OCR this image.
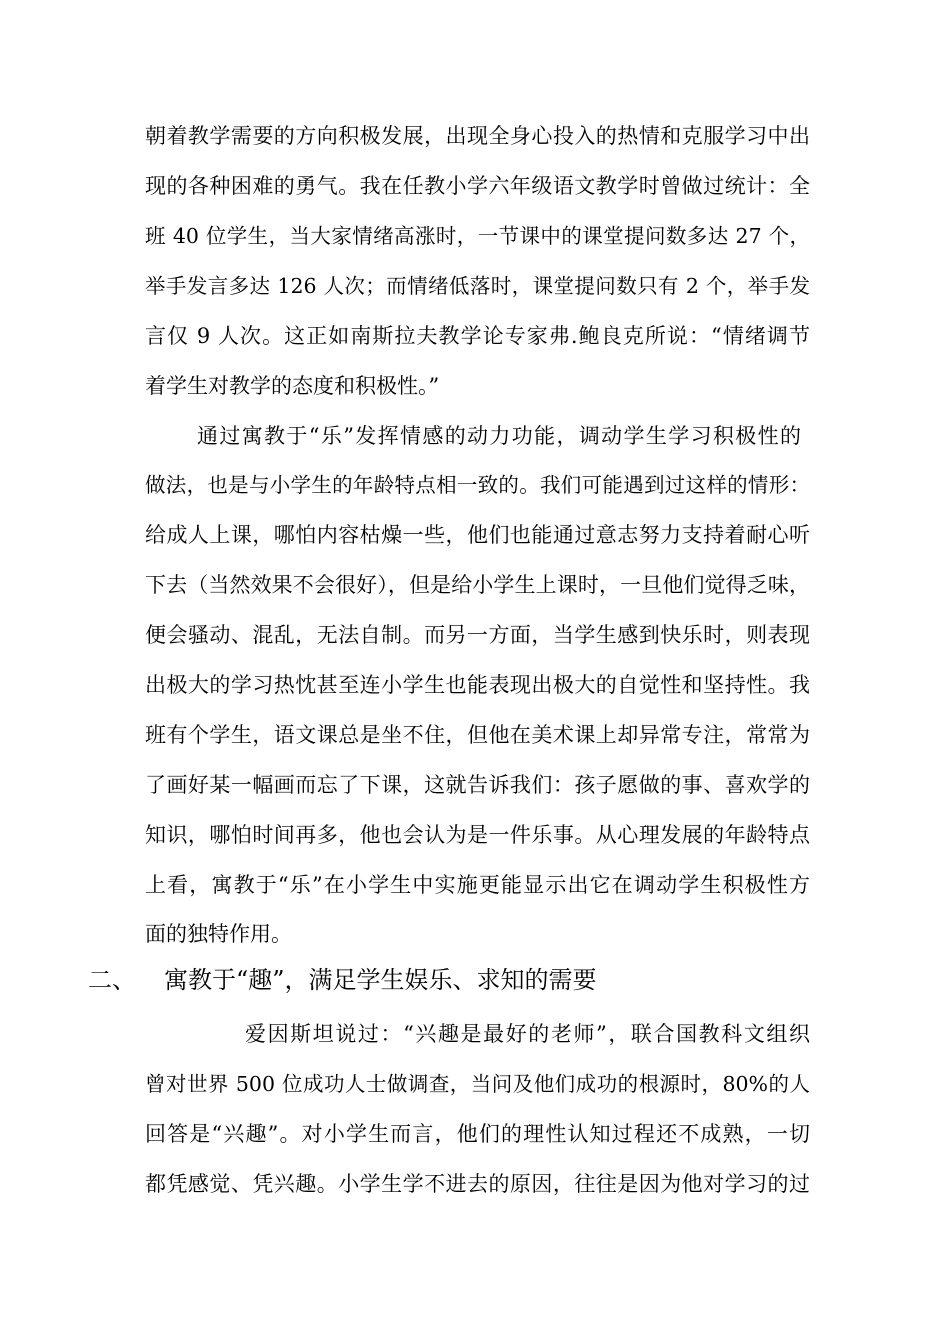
朝着教学需要的方向积极发展，出现全身心投入的热情和克服学习中出
现的各种困难的勇气。我在任教小学六年级语文教学时曾做过统计：全
班 40 位学生，当大家情绪高涨时，一节课中的课堂提问数多达 27 个，
举手发言多达 126 人次；而情绪低落时，课堂提问数只有 2 个，举手发
言仅 9 人次。这正如南斯拉夫教学论专家弗.鲍良克所说：“情绪调节
着学生对教学的态度和积极性。”
通过寓教于“乐”发挥情感的动力功能，调动学生学习积极性的
做法，也是与小学生的年龄特点相一致的。我们可能遇到过这样的情形：
给成人上课，哪怕内容枯燥一些，他们也能通过意志努力支持着耐心听
下去（当然效果不会很好），但是给小学生上课时，一旦他们觉得乏味，
便会骚动、混乱，无法自制。而另一方面，当学生感到快乐时，则表现
出极大的学习热忱甚至连小学生也能表现出极大的自觉性和坚持性。我
班有个学生，语文课总是坐不住，但他在美术课上却异常专注，常常为
了画好某一幅画而忘了下课，这就告诉我们：孩子愿做的事、喜欢学的
知识，哪怕时间再多，他也会认为是一件乐事。从心理发展的年龄特点
上看，寓教于“乐”在小学生中实施更能显示出它在调动学生积极性方
面的独特作用。
二、 寓教于“趣”，满足学生娱乐、求知的需要
爱因斯坦说过：“兴趣是最好的老师”，联合国教科文组织
曾对世界 500 位成功人士做调查，当问及他们成功的根源时，80%的人
回答是“兴趣”。对小学生而言，他们的理性认知过程还不成熟，一切
都凭感觉、凭兴趣。小学生学不进去的原因，往往是因为他对学习的过
